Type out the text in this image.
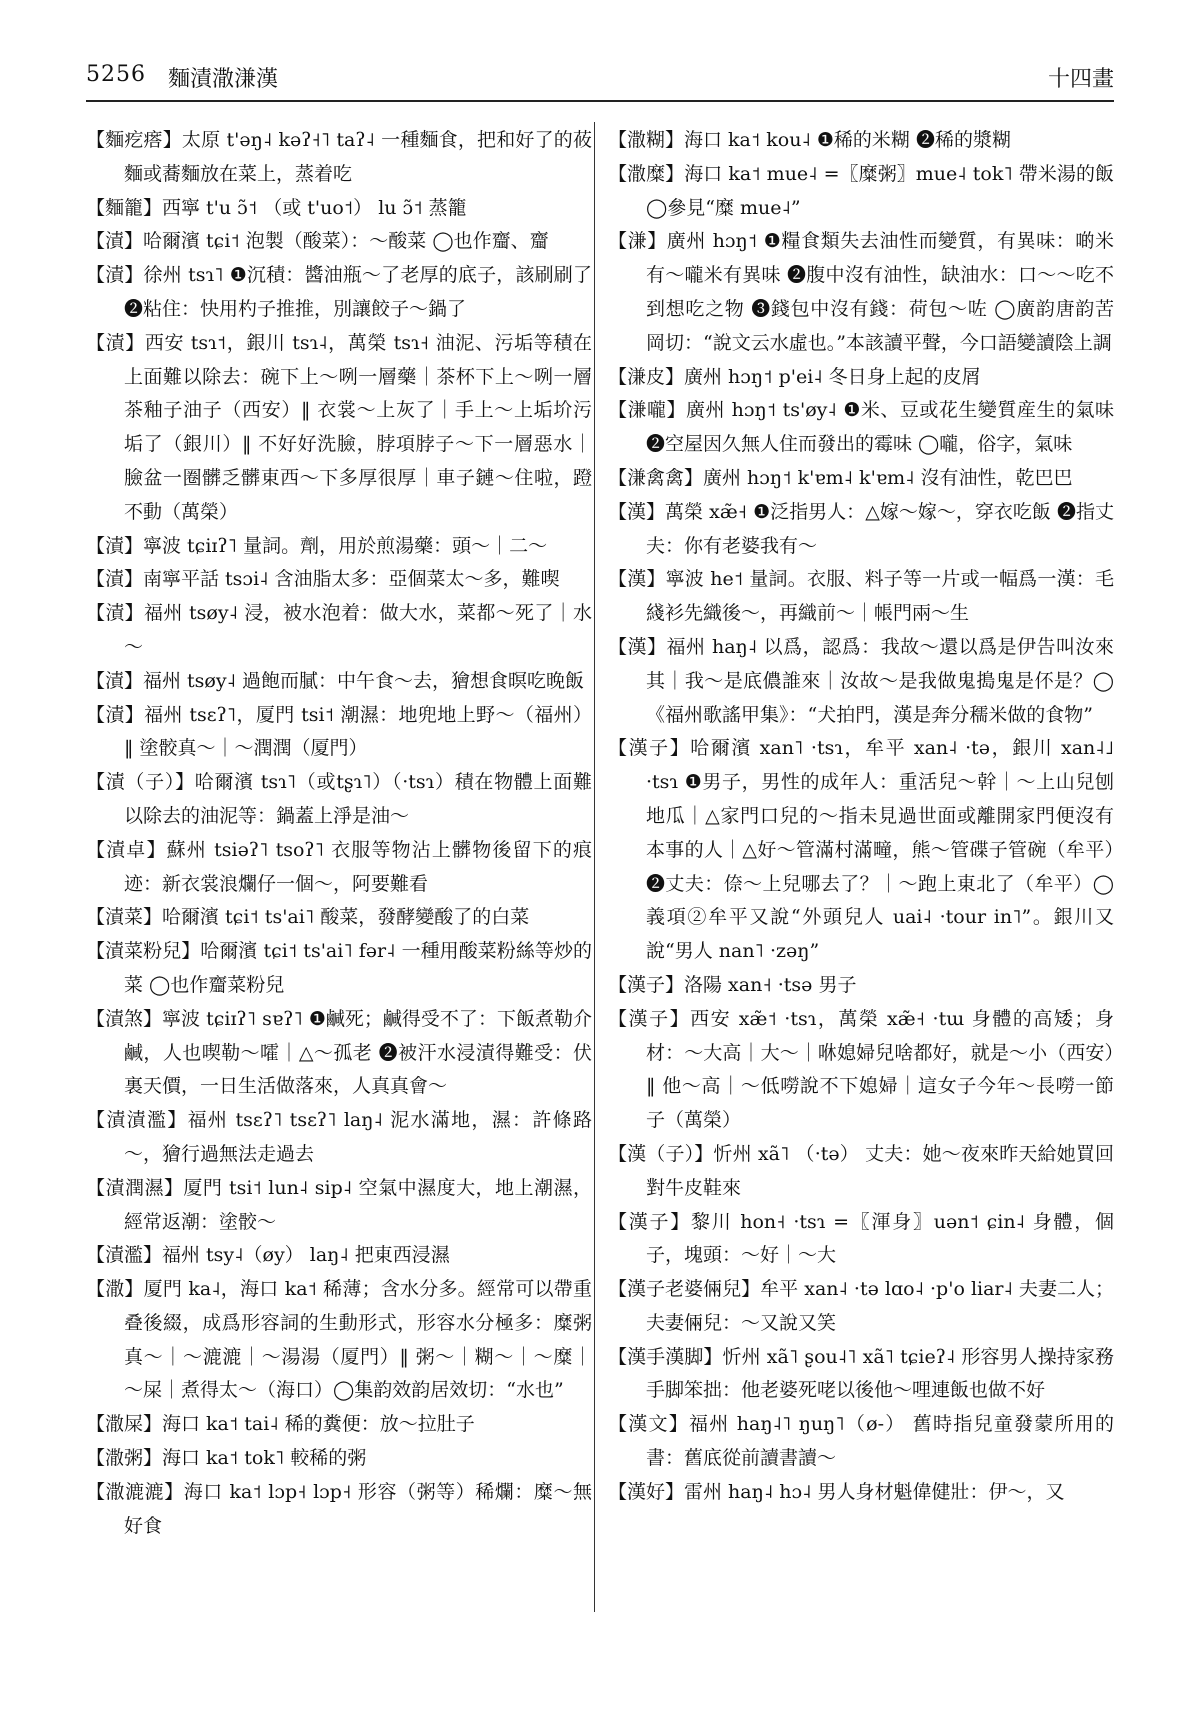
5256 麵漬潵溓漢	十四畫

【麵疙瘩】太原 t'əŋ˨ kəʔ˧˥ taʔ˨ 一種麵食，把和好了的莜麵或蕎麵放在菜上，蒸着吃

【麵籠】西寧 t'u ɔ̃˦ （或 t'uo˦） lu ɔ̃˦ 蒸籠

【漬】哈爾濱 tɕi˦ 泡製（酸菜）：～酸菜 ◯也作齏、齏

【漬】徐州 tsɿ˥ ❶沉積：醬油瓶～了老厚的底子，該刷刷了 ❷粘住：快用杓子推推，別讓餃子～鍋了

【漬】西安 tsɿ˦，銀川 tsɿ˨，萬榮 tsɿ˧ 油泥、污垢等積在上面難以除去：碗下上～咧一層藥｜茶杯下上～咧一層茶釉子油子（西安）‖ 衣裳～上灰了｜手上～上垢圿污垢了（銀川）‖ 不好好洗臉，脖項脖子～下一層惡水｜臉盆一圈髒乏髒東西～下多厚很厚｜車子鏈～住啦，蹬不動（萬榮）

【漬】寧波 tɕiɪʔ˥ 量詞。劑，用於煎湯藥：頭～｜二～

【漬】南寧平話 tsɔi˨ 含油脂太多：亞個菜太～多，難喫

【漬】福州 tsøy˨ 浸，被水泡着：做大水，菜都～死了｜水～

【漬】福州 tsøy˨ 過飽而膩：中午食～去，獪想食暝吃晚飯

【漬】福州 tsɛʔ˥，厦門 tsi˦ 潮濕：地兜地上野～（福州）‖ 塗骹真～｜～潤潤（厦門）

【漬（子）】哈爾濱 tsɿ˥（或tʂɿ˥）（·tsɿ）積在物體上面難以除去的油泥等：鍋蓋上淨是油～

【漬卓】蘇州 tsiəʔ˥ tsoʔ˥ 衣服等物沾上髒物後留下的痕迹：新衣裳浪爛仔一個～，阿要難看

【漬菜】哈爾濱 tɕi˦ ts'ai˥ 酸菜，發酵變酸了的白菜

【漬菜粉兒】哈爾濱 tɕi˦ ts'ai˥ fər˨ 一種用酸菜粉絲等炒的菜 ◯也作齏菜粉兒

【漬煞】寧波 tɕiɪʔ˥ sɐʔ˥ ❶鹹死；鹹得受不了：下飯煮勒介鹹，人也喫勒～嚯｜△～孤老 ❷被汗水浸漬得難受：伏裏天價，一日生活做落來，人真真會～

【漬漬濫】福州 tsɛʔ˥ tsɛʔ˥ laŋ˨ 泥水滿地，濕：許條路～，獪行過無法走過去

【漬潤濕】厦門 tsi˦ lun˨ sip˨ 空氣中濕度大，地上潮濕，經常返潮：塗骹～

【漬濫】福州 tsy˨（øy） laŋ˨ 把東西浸濕

【潵】厦門 ka˨，海口 ka˦ 稀薄；含水分多。經常可以帶重叠後綴，成爲形容詞的生動形式，形容水分極多：糜粥真～｜～漉漉｜～湯湯（厦門）‖ 粥～｜糊～｜～糜｜～屎｜煮得太～（海口）◯集韵效韵居效切：“水也”

【潵屎】海口 ka˦ tai˨ 稀的糞便：放～拉肚子

【潵粥】海口 ka˦ tok˥ 較稀的粥

【潵漉漉】海口 ka˦ lɔp˧ lɔp˧ 形容（粥等）稀爛：糜～無好食

【潵糊】海口 ka˦ kou˨ ❶稀的米糊 ❷稀的漿糊

【潵糜】海口 ka˦ mue˨ =〖糜粥〗mue˨ tok˥ 帶米湯的飯 ◯參見“糜 mue˨”

【溓】廣州 hɔŋ˦ ❶糧食類失去油性而變質，有異味：啲米有～嚨米有異味 ❷腹中沒有油性，缺油水：口～～吃不到想吃之物 ❸錢包中沒有錢：荷包～咗 ◯廣韵唐韵苦岡切：“說文云水虛也。”本該讀平聲，今口語變讀陰上調

【溓皮】廣州 hɔŋ˦ p'ei˨ 冬日身上起的皮屑

【溓嚨】廣州 hɔŋ˦ ts'øy˨ ❶米、豆或花生變質産生的氣味 ❷空屋因久無人住而發出的霉味 ◯嚨，俗字，氣味

【溓禽禽】廣州 hɔŋ˦ k'ɐm˨ k'ɐm˨ 沒有油性，乾巴巴

【漢】萬榮 xæ̃˧ ❶泛指男人：△嫁～嫁～，穿衣吃飯 ❷指丈夫：你有老婆我有～

【漢】寧波 he˦ 量詞。衣服、料子等一片或一幅爲一漢：毛綫衫先織後～，再織前～｜帳門兩～生

【漢】福州 haŋ˨ 以爲，認爲：我故～還以爲是伊告叫汝來其｜我～是底儂誰來｜汝故～是我做鬼搗鬼是伓是？◯《福州歌謠甲集》：“犬拍門，漢是奔分穤米做的食物”

【漢子】哈爾濱 xan˥ ·tsɿ，牟平 xan˨ ·tə，銀川 xan˨˩ ·tsɿ ❶男子，男性的成年人：重活兒～幹｜～上山兒刨地瓜｜△家門口兒的～指未見過世面或離開家門便沒有本事的人｜△好～管滿村滿疃，熊～管碟子管碗（牟平）❷丈夫：倷～上兒哪去了？｜～跑上東北了（牟平）◯義項②牟平又說“外頭兒人 uai˨ ·tour in˥”。銀川又說“男人 nan˥ ·zəŋ”

【漢子】洛陽 xan˧ ·tsə 男子

【漢子】西安 xæ̃˦ ·tsɿ，萬榮 xæ̃˧ ·tɯ 身體的高矮；身材：～大高｜大～｜咻媳婦兒啥都好，就是～小（西安）‖ 他～高｜～低嘮說不下媳婦｜這女子今年～長嘮一節子（萬榮）

【漢（子）】忻州 xã˥ （·tə） 丈夫：她～夜來昨天給她買回對牛皮鞋來

【漢子】黎川 hon˧ ·tsɿ =〖渾身〗uən˦ ɕin˨ 身體，個子，塊頭：～好｜～大

【漢子老婆倆兒】牟平 xan˨ ·tə lɑo˨ ·p'o liar˨ 夫妻二人；夫妻倆兒：～又說又笑

【漢手漢脚】忻州 xã˥ ʂou˨˥ xã˥ tɕieʔ˨ 形容男人操持家務手脚笨拙：他老婆死咾以後他～哩連飯也做不好

【漢文】福州 haŋ˨˥ ŋuŋ˥（ø-） 舊時指兒童發蒙所用的書：舊底從前讀書讀～

【漢好】雷州 haŋ˨ hɔ˨ 男人身材魁偉健壯：伊～，又
